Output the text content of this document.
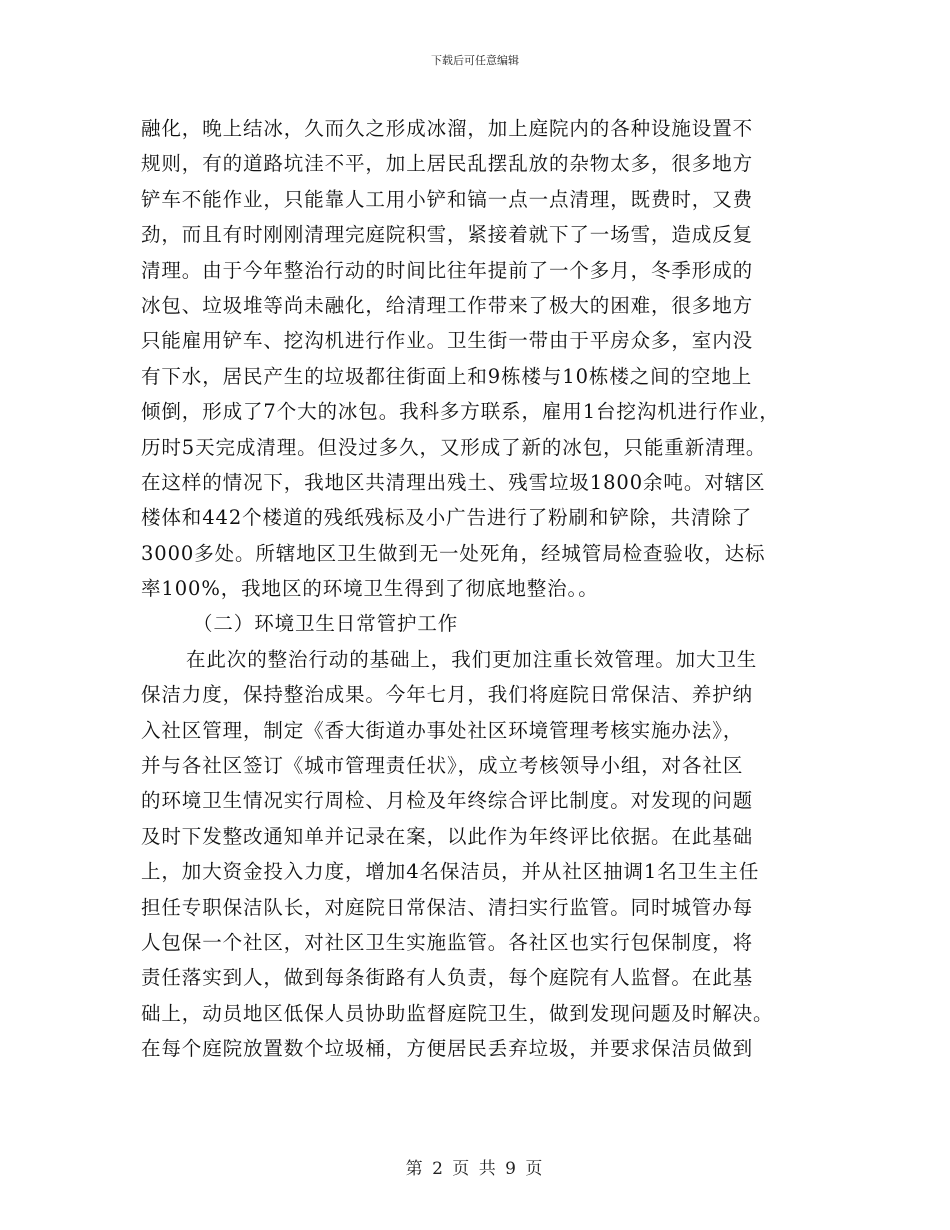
下载后可任意编辑
融化，晚上结冰，久而久之形成冰溜，加上庭院内的各种设施设置不
规则，有的道路坑洼不平，加上居民乱摆乱放的杂物太多，很多地方
铲车不能作业，只能靠人工用小铲和镐一点一点清理，既费时，又费
劲，而且有时刚刚清理完庭院积雪，紧接着就下了一场雪，造成反复
清理。由于今年整治行动的时间比往年提前了一个多月，冬季形成的
冰包、垃圾堆等尚未融化，给清理工作带来了极大的困难，很多地方
只能雇用铲车、挖沟机进行作业。卫生街一带由于平房众多，室内没
有下水，居民产生的垃圾都往街面上和9栋楼与10栋楼之间的空地上
倾倒，形成了7个大的冰包。我科多方联系，雇用1台挖沟机进行作业，
历时5天完成清理。但没过多久，又形成了新的冰包，只能重新清理。
在这样的情况下，我地区共清理出残土、残雪垃圾1800余吨。对辖区
楼体和442个楼道的残纸残标及小广告进行了粉刷和铲除，共清除了
3000多处。所辖地区卫生做到无一处死角，经城管局检查验收，达标
率100%，我地区的环境卫生得到了彻底地整治。。
（二）环境卫生日常管护工作
在此次的整治行动的基础上，我们更加注重长效管理。加大卫生
保洁力度，保持整治成果。今年七月，我们将庭院日常保洁、养护纳
入社区管理，制定《香大街道办事处社区环境管理考核实施办法》，
并与各社区签订《城市管理责任状》，成立考核领导小组，对各社区
的环境卫生情况实行周检、月检及年终综合评比制度。对发现的问题
及时下发整改通知单并记录在案，以此作为年终评比依据。在此基础
上，加大资金投入力度，增加4名保洁员，并从社区抽调1名卫生主任
担任专职保洁队长，对庭院日常保洁、清扫实行监管。同时城管办每
人包保一个社区，对社区卫生实施监管。各社区也实行包保制度，将
责任落实到人，做到每条街路有人负责，每个庭院有人监督。在此基
础上，动员地区低保人员协助监督庭院卫生，做到发现问题及时解决。
在每个庭院放置数个垃圾桶，方便居民丢弃垃圾，并要求保洁员做到
第 2 页 共 9 页
